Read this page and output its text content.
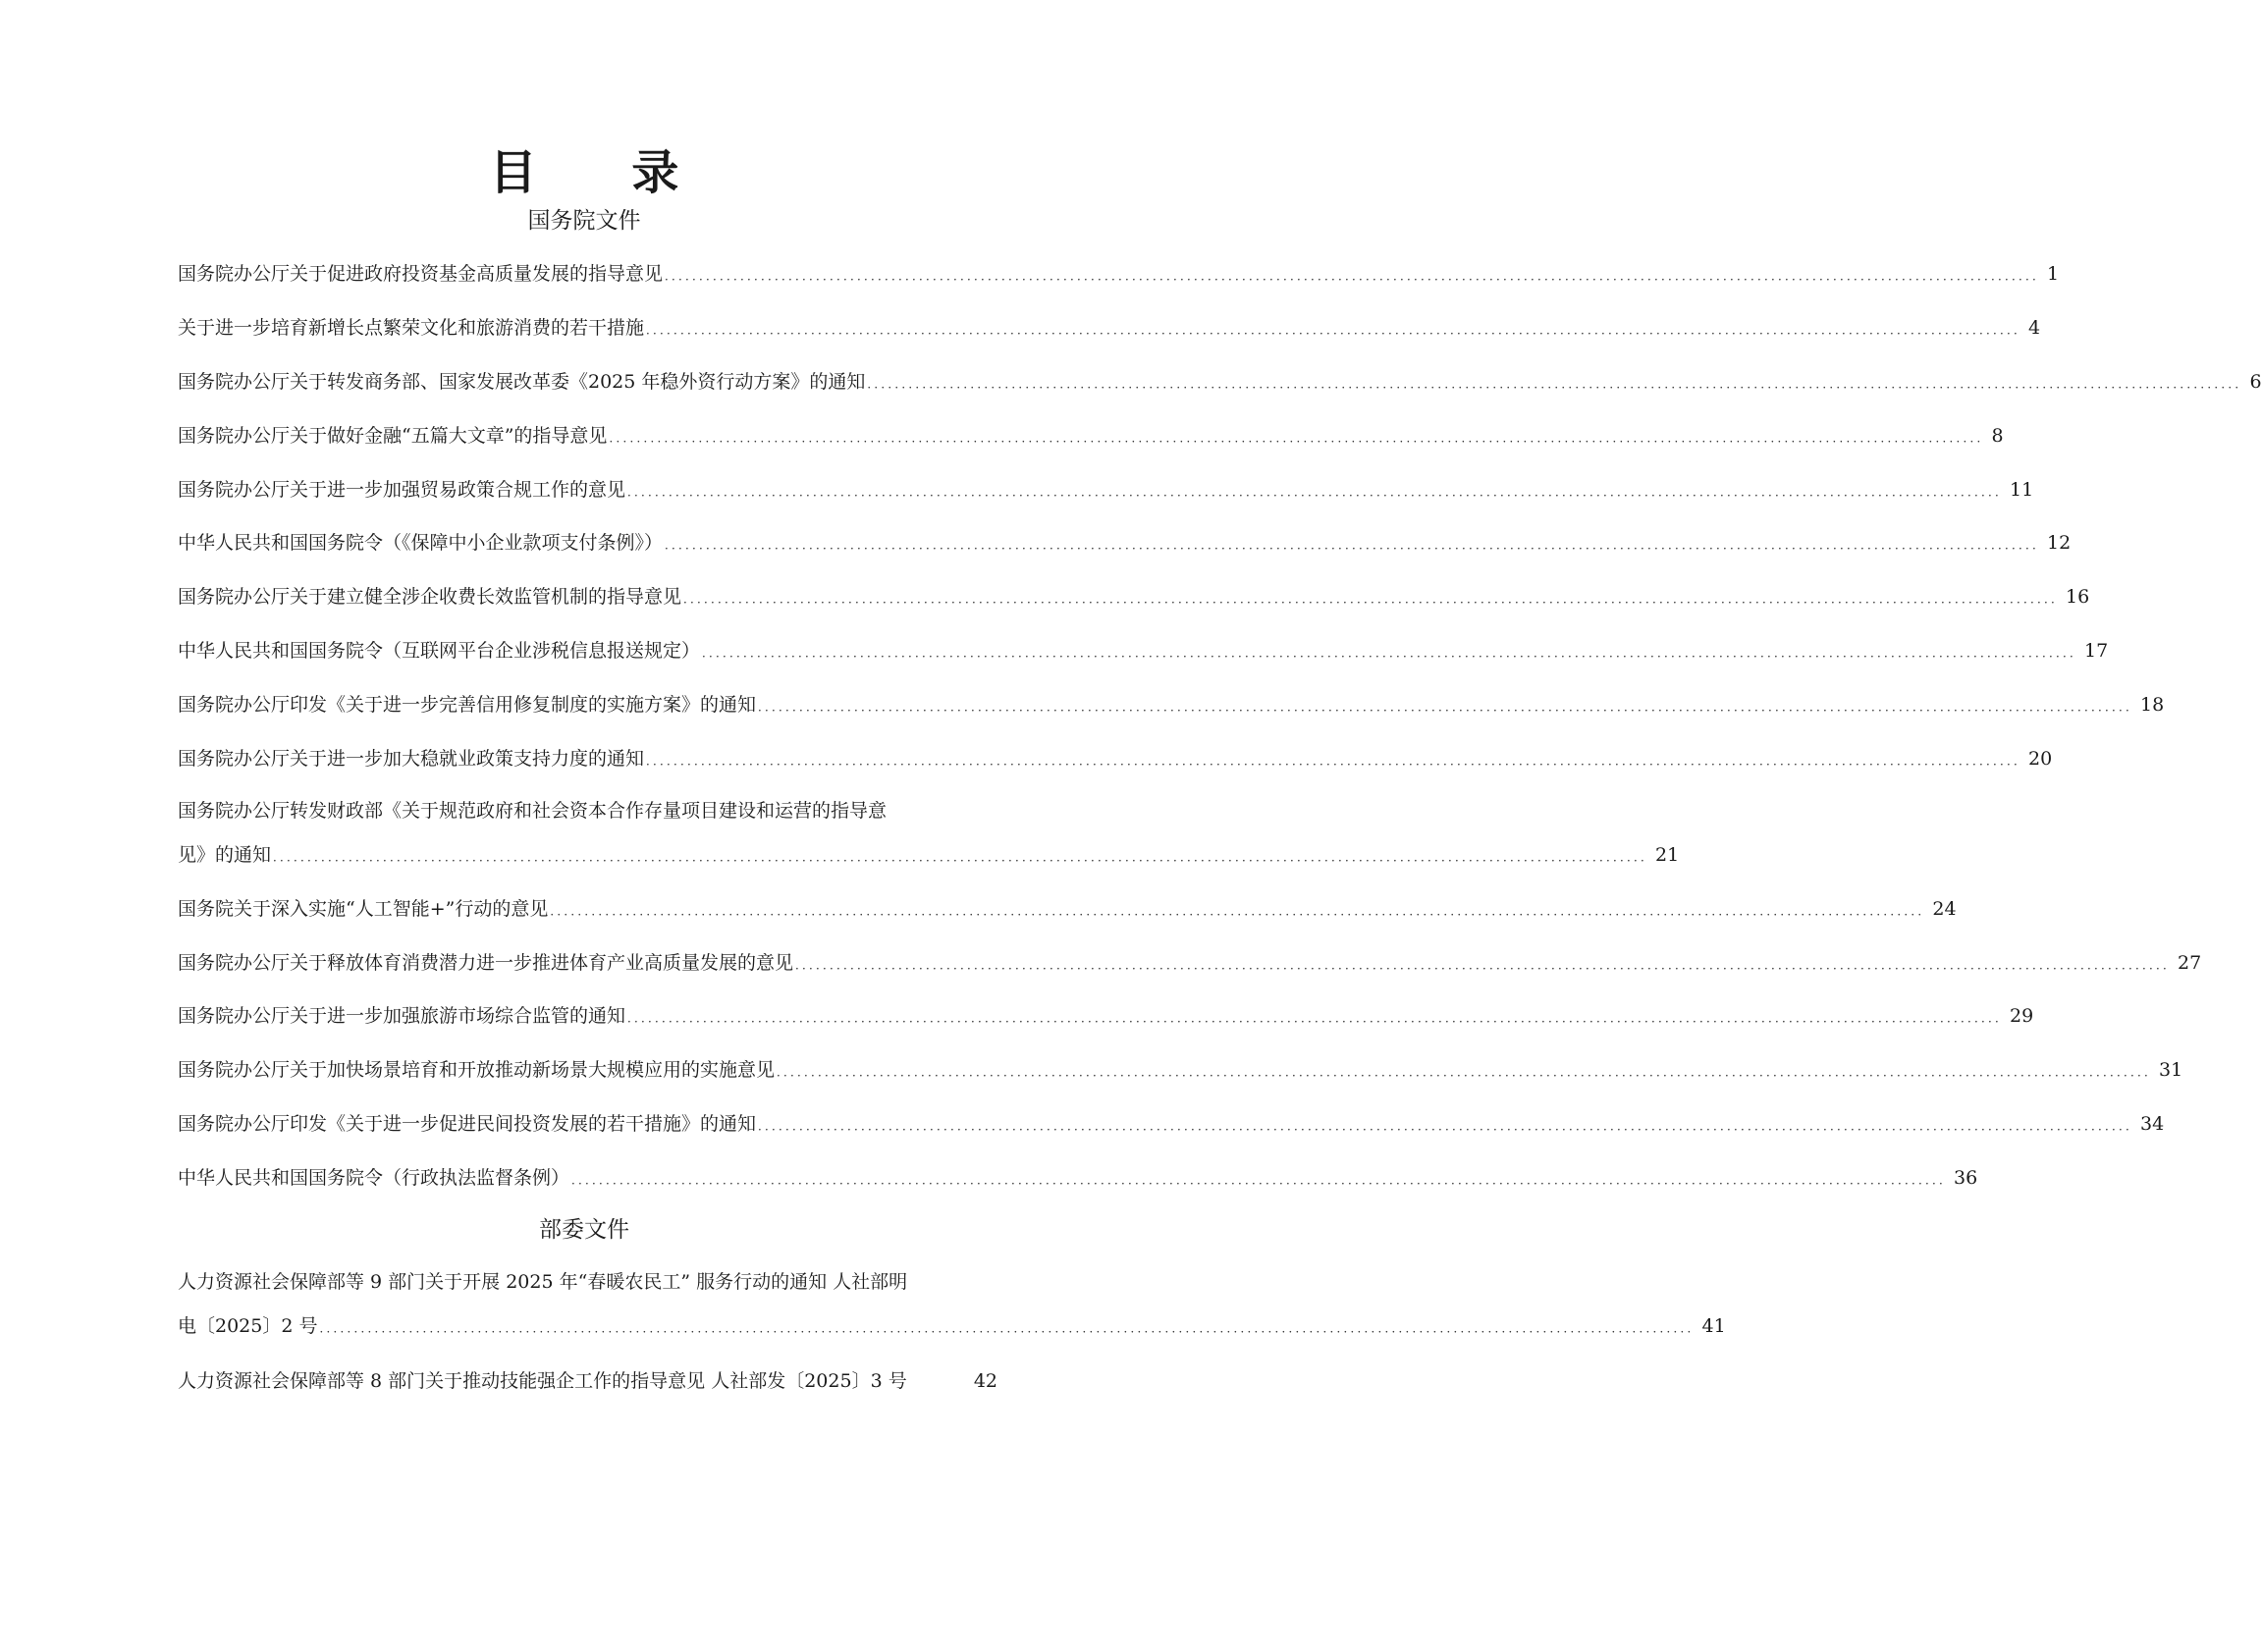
目 录
国务院文件
国务院办公厅关于促进政府投资基金高质量发展的指导意见 ．．．．．．．．．．．．．．．．．．．．．．．．．．．．．．．．．．．．．．．．．．．．．．．．．．．．．．．．．．．．．．．．．．．．．．．．．．．．．．．．．．．．．．．．．．．．．．．．．．．．．．．．．．．．．．．．．．．．．．．．．．．．．．．．．．．．．．．．．．．．．．．．．．．．．．．．．．．．．．．．．．．．．．．．．．．．．．．．．．．．．．．．．．．．．．．．．．．．．．．． 1
关于进一步培育新增长点繁荣文化和旅游消费的若干措施 ．．．．．．．．．．．．．．．．．．．．．．．．．．．．．．．．．．．．．．．．．．．．．．．．．．．．．．．．．．．．．．．．．．．．．．．．．．．．．．．．．．．．．．．．．．．．．．．．．．．．．．．．．．．．．．．．．．．．．．．．．．．．．．．．．．．．．．．．．．．．．．．．．．．．．．．．．．．．．．．．．．．．．．．．．．．．．．．．．．．．．．．．．．．．．．．．．．．．．．．． 4
国务院办公厅关于转发商务部、国家发展改革委《2025 年稳外资行动方案》的通知 ．．．．．．．．．．．．．．．．．．．．．．．．．．．．．．．．．．．．．．．．．．．．．．．．．．．．．．．．．．．．．．．．．．．．．．．．．．．．．．．．．．．．．．．．．．．．．．．．．．．．．．．．．．．．．．．．．．．．．．．．．．．．．．．．．．．．．．．．．．．．．．．．．．．．．．．．．．．．．．．．．．．．．．．．．．．．．．．．．．．．．．．．．．．．．．．．．．．．．．．． 6
国务院办公厅关于做好金融“五篇大文章”的指导意见 ．．．．．．．．．．．．．．．．．．．．．．．．．．．．．．．．．．．．．．．．．．．．．．．．．．．．．．．．．．．．．．．．．．．．．．．．．．．．．．．．．．．．．．．．．．．．．．．．．．．．．．．．．．．．．．．．．．．．．．．．．．．．．．．．．．．．．．．．．．．．．．．．．．．．．．．．．．．．．．．．．．．．．．．．．．．．．．．．．．．．．．．．．．．．．．．．．．．．．．．． 8
国务院办公厅关于进一步加强贸易政策合规工作的意见 ．．．．．．．．．．．．．．．．．．．．．．．．．．．．．．．．．．．．．．．．．．．．．．．．．．．．．．．．．．．．．．．．．．．．．．．．．．．．．．．．．．．．．．．．．．．．．．．．．．．．．．．．．．．．．．．．．．．．．．．．．．．．．．．．．．．．．．．．．．．．．．．．．．．．．．．．．．．．．．．．．．．．．．．．．．．．．．．．．．．．．．．．．．．．．．．．．．．．．．．． 11
中华人民共和国国务院令（《保障中小企业款项支付条例》） ．．．．．．．．．．．．．．．．．．．．．．．．．．．．．．．．．．．．．．．．．．．．．．．．．．．．．．．．．．．．．．．．．．．．．．．．．．．．．．．．．．．．．．．．．．．．．．．．．．．．．．．．．．．．．．．．．．．．．．．．．．．．．．．．．．．．．．．．．．．．．．．．．．．．．．．．．．．．．．．．．．．．．．．．．．．．．．．．．．．．．．．．．．．．．．．．．．．．．．．． 12
国务院办公厅关于建立健全涉企收费长效监管机制的指导意见 ．．．．．．．．．．．．．．．．．．．．．．．．．．．．．．．．．．．．．．．．．．．．．．．．．．．．．．．．．．．．．．．．．．．．．．．．．．．．．．．．．．．．．．．．．．．．．．．．．．．．．．．．．．．．．．．．．．．．．．．．．．．．．．．．．．．．．．．．．．．．．．．．．．．．．．．．．．．．．．．．．．．．．．．．．．．．．．．．．．．．．．．．．．．．．．．．．．．．．．．． 16
中华人民共和国国务院令（互联网平台企业涉税信息报送规定） ．．．．．．．．．．．．．．．．．．．．．．．．．．．．．．．．．．．．．．．．．．．．．．．．．．．．．．．．．．．．．．．．．．．．．．．．．．．．．．．．．．．．．．．．．．．．．．．．．．．．．．．．．．．．．．．．．．．．．．．．．．．．．．．．．．．．．．．．．．．．．．．．．．．．．．．．．．．．．．．．．．．．．．．．．．．．．．．．．．．．．．．．．．．．．．．．．．．．．．．． 17
国务院办公厅印发《关于进一步完善信用修复制度的实施方案》的通知 ．．．．．．．．．．．．．．．．．．．．．．．．．．．．．．．．．．．．．．．．．．．．．．．．．．．．．．．．．．．．．．．．．．．．．．．．．．．．．．．．．．．．．．．．．．．．．．．．．．．．．．．．．．．．．．．．．．．．．．．．．．．．．．．．．．．．．．．．．．．．．．．．．．．．．．．．．．．．．．．．．．．．．．．．．．．．．．．．．．．．．．．．．．．．．．．．．．．．．．．． 18
国务院办公厅关于进一步加大稳就业政策支持力度的通知 ．．．．．．．．．．．．．．．．．．．．．．．．．．．．．．．．．．．．．．．．．．．．．．．．．．．．．．．．．．．．．．．．．．．．．．．．．．．．．．．．．．．．．．．．．．．．．．．．．．．．．．．．．．．．．．．．．．．．．．．．．．．．．．．．．．．．．．．．．．．．．．．．．．．．．．．．．．．．．．．．．．．．．．．．．．．．．．．．．．．．．．．．．．．．．．．．．．．．．．．． 20
国务院办公厅转发财政部《关于规范政府和社会资本合作存量项目建设和运营的指导意
见》的通知 ．．．．．．．．．．．．．．．．．．．．．．．．．．．．．．．．．．．．．．．．．．．．．．．．．．．．．．．．．．．．．．．．．．．．．．．．．．．．．．．．．．．．．．．．．．．．．．．．．．．．．．．．．．．．．．．．．．．．．．．．．．．．．．．．．．．．．．．．．．．．．．．．．．．．．．．．．．．．．．．．．．．．．．．．．．．．．．．．．．．．．．．．．．．．．．．．．．．．．．．． 21
国务院关于深入实施“人工智能+”行动的意见 ．．．．．．．．．．．．．．．．．．．．．．．．．．．．．．．．．．．．．．．．．．．．．．．．．．．．．．．．．．．．．．．．．．．．．．．．．．．．．．．．．．．．．．．．．．．．．．．．．．．．．．．．．．．．．．．．．．．．．．．．．．．．．．．．．．．．．．．．．．．．．．．．．．．．．．．．．．．．．．．．．．．．．．．．．．．．．．．．．．．．．．．．．．．．．．．．．．．．．．．． 24
国务院办公厅关于释放体育消费潜力进一步推进体育产业高质量发展的意见 ．．．．．．．．．．．．．．．．．．．．．．．．．．．．．．．．．．．．．．．．．．．．．．．．．．．．．．．．．．．．．．．．．．．．．．．．．．．．．．．．．．．．．．．．．．．．．．．．．．．．．．．．．．．．．．．．．．．．．．．．．．．．．．．．．．．．．．．．．．．．．．．．．．．．．．．．．．．．．．．．．．．．．．．．．．．．．．．．．．．．．．．．．．．．．．．．．．．．．．．． 27
国务院办公厅关于进一步加强旅游市场综合监管的通知 ．．．．．．．．．．．．．．．．．．．．．．．．．．．．．．．．．．．．．．．．．．．．．．．．．．．．．．．．．．．．．．．．．．．．．．．．．．．．．．．．．．．．．．．．．．．．．．．．．．．．．．．．．．．．．．．．．．．．．．．．．．．．．．．．．．．．．．．．．．．．．．．．．．．．．．．．．．．．．．．．．．．．．．．．．．．．．．．．．．．．．．．．．．．．．．．．．．．．．．．． 29
国务院办公厅关于加快场景培育和开放推动新场景大规模应用的实施意见 ．．．．．．．．．．．．．．．．．．．．．．．．．．．．．．．．．．．．．．．．．．．．．．．．．．．．．．．．．．．．．．．．．．．．．．．．．．．．．．．．．．．．．．．．．．．．．．．．．．．．．．．．．．．．．．．．．．．．．．．．．．．．．．．．．．．．．．．．．．．．．．．．．．．．．．．．．．．．．．．．．．．．．．．．．．．．．．．．．．．．．．．．．．．．．．．．．．．．．．．． 31
国务院办公厅印发《关于进一步促进民间投资发展的若干措施》的通知 ．．．．．．．．．．．．．．．．．．．．．．．．．．．．．．．．．．．．．．．．．．．．．．．．．．．．．．．．．．．．．．．．．．．．．．．．．．．．．．．．．．．．．．．．．．．．．．．．．．．．．．．．．．．．．．．．．．．．．．．．．．．．．．．．．．．．．．．．．．．．．．．．．．．．．．．．．．．．．．．．．．．．．．．．．．．．．．．．．．．．．．．．．．．．．．．．．．．．．．．． 34
中华人民共和国国务院令（行政执法监督条例） ．．．．．．．．．．．．．．．．．．．．．．．．．．．．．．．．．．．．．．．．．．．．．．．．．．．．．．．．．．．．．．．．．．．．．．．．．．．．．．．．．．．．．．．．．．．．．．．．．．．．．．．．．．．．．．．．．．．．．．．．．．．．．．．．．．．．．．．．．．．．．．．．．．．．．．．．．．．．．．．．．．．．．．．．．．．．．．．．．．．．．．．．．．．．．．．．．．．．．．．． 36
部委文件
人力资源社会保障部等 9 部门关于开展 2025 年“春暖农民工” 服务行动的通知 人社部明
电〔2025〕2 号 ．．．．．．．．．．．．．．．．．．．．．．．．．．．．．．．．．．．．．．．．．．．．．．．．．．．．．．．．．．．．．．．．．．．．．．．．．．．．．．．．．．．．．．．．．．．．．．．．．．．．．．．．．．．．．．．．．．．．．．．．．．．．．．．．．．．．．．．．．．．．．．．．．．．．．．．．．．．．．．．．．．．．．．．．．．．．．．．．．．．．．．．．．．．．．．．．．．．．．．．． 41
人力资源社会保障部等 8 部门关于推动技能强企工作的指导意见 人社部发〔2025〕3 号	42
